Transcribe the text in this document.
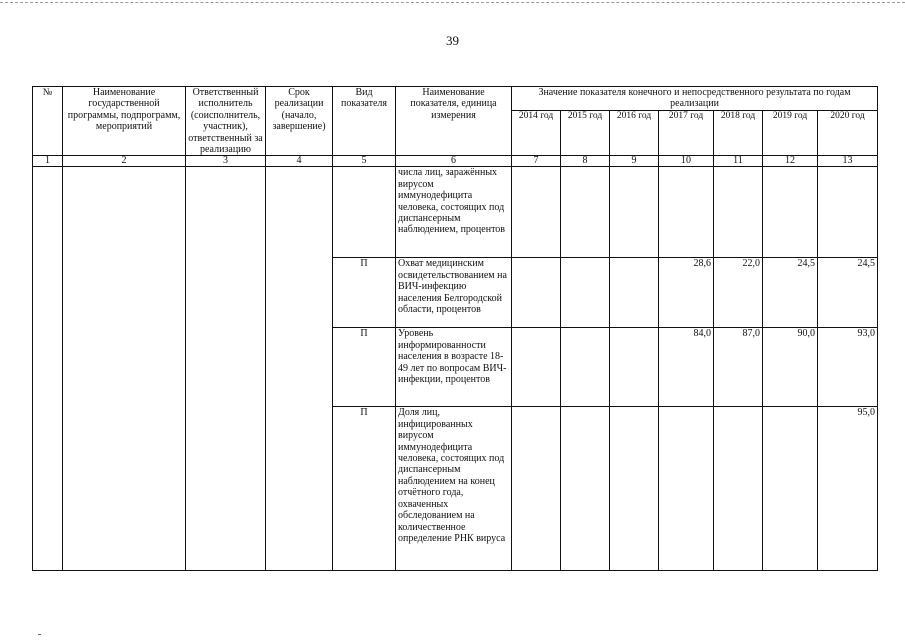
39
№	Наименование государственной программы, подпрограмм, мероприятий	Ответственный исполнитель (соисполнитель, участник), ответственный за реализацию	Срок реализации (начало, завершение)	Вид показателя	Наименование показателя, единица измерения	Значение показателя конечного и непосредственного результата по годам реализации						
						2014 год	2015 год	2016 год	2017 год	2018 год	2019 год	2020 год
1	2	3	4	5	6	7	8	9	10	11	12	13
					числа лиц, заражённых вирусом иммунодефицита человека, состоящих под диспансерным наблюдением, процентов							
				П	Охват медицинским освидетельствованием на ВИЧ-инфекцию населения Белгородской области, процентов				28,6	22,0	24,5	24,5
				П	Уровень информированности населения в возрасте 18-49 лет по вопросам ВИЧ-инфекции, процентов				84,0	87,0	90,0	93,0
				П	Доля лиц, инфицированных вирусом иммунодефицита человека, состоящих под диспансерным наблюдением на конец отчётного года, охваченных обследованием на количественное определение РНК вируса							95,0
